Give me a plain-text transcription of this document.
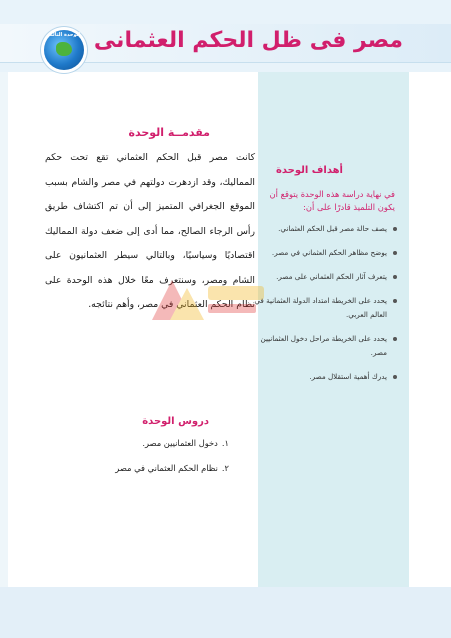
مصر فى ظل الحكم العثمانى
الوحدة الثالثة
مقدمــة الوحدة
كانت مصر قبل الحكم العثماني تقع تحت حكم المماليك، وقد ازدهرت دولتهم في مصر والشام بسبب الموقع الجغرافي المتميز إلى أن تم اكتشاف طريق رأس الرجاء الصالح، مما أدى إلى ضعف دولة المماليك اقتصاديًا وسياسيًا، وبالتالي سيطر العثمانيون على الشام ومصر، وسنتعرف معًا خلال هذه الوحدة على نظام الحكم العثماني في مصر، وأهم نتائجه.
أهداف الوحدة
في نهاية دراسة هذه الوحدة يتوقع أن يكون التلميذ قادرًا على أن:
يصف حالة مصر قبل الحكم العثماني.
يوضح مظاهر الحكم العثماني في مصر.
يتعرف آثار الحكم العثماني على مصر.
يحدد على الخريطة امتداد الدولة العثمانية في العالم العربي.
يحدد على الخريطة مراحل دخول العثمانيين مصر.
يدرك أهمية استقلال مصر.
دروس الوحدة
١.دخول العثمانيين مصر.
٢.نظام الحكم العثماني في مصر
